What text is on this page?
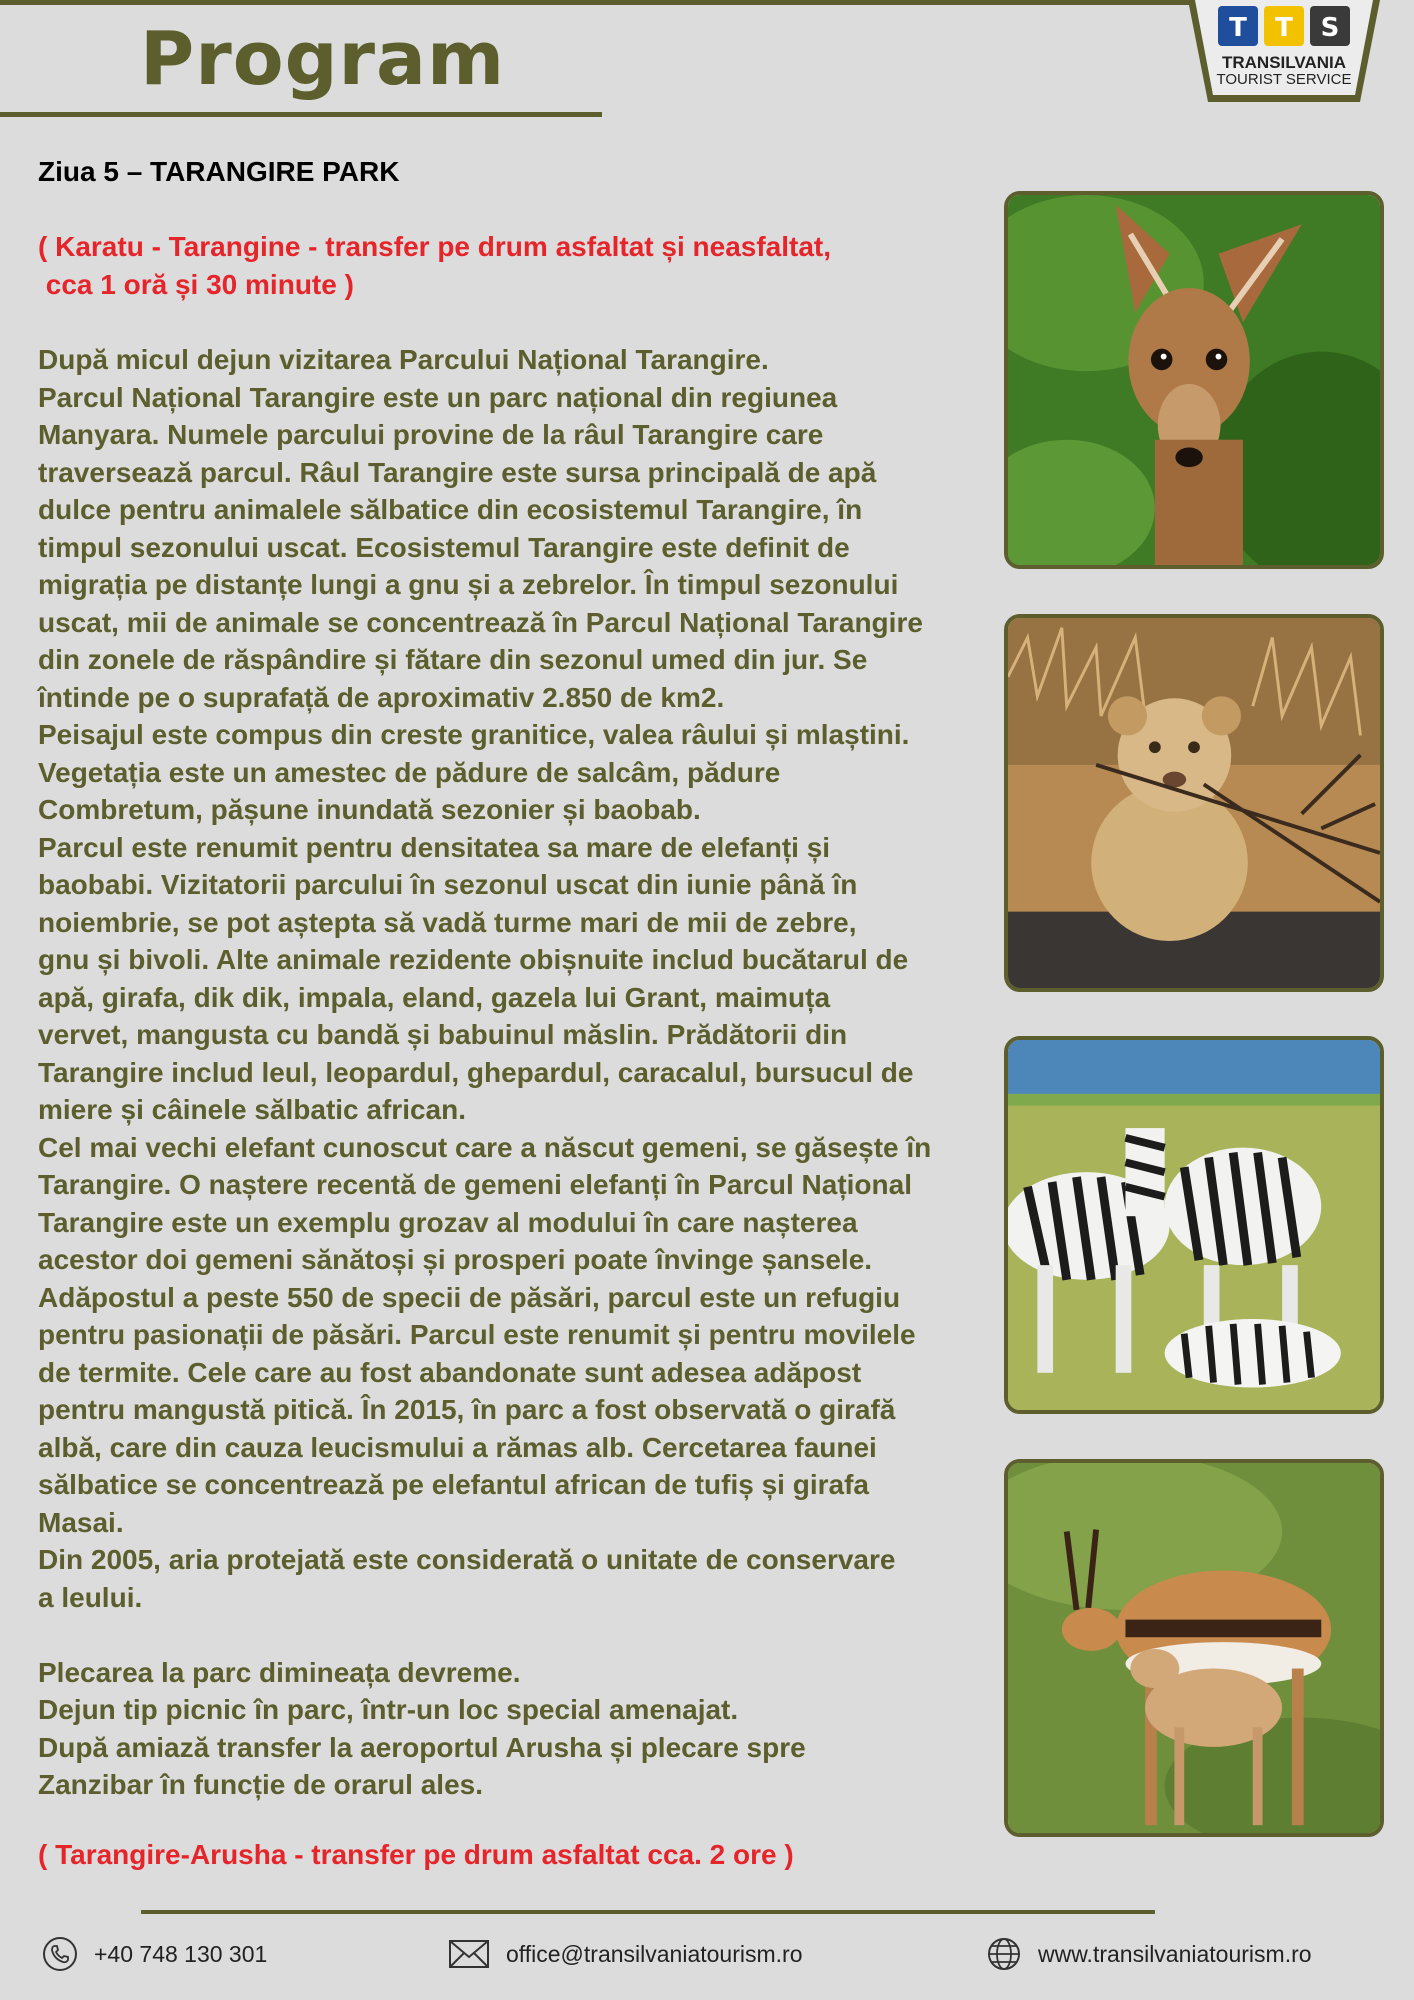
Program	T T S
TRANSILVANIA
TOURIST SERVICE
Ziua 5 – TARANGIRE PARK
( Karatu - Tarangine - transfer pe drum asfaltat și neasfaltat,
cca 1 oră și 30 minute )
După micul dejun vizitarea Parcului Național Tarangire.
Parcul Național Tarangire este un parc național din regiunea
Manyara. Numele parcului provine de la râul Tarangire care
traversează parcul. Râul Tarangire este sursa principală de apă
dulce pentru animalele sălbatice din ecosistemul Tarangire, în
timpul sezonului uscat. Ecosistemul Tarangire este definit de
migrația pe distanțe lungi a gnu și a zebrelor. În timpul sezonului
uscat, mii de animale se concentrează în Parcul Național Tarangire
din zonele de răspândire și fătare din sezonul umed din jur. Se
întinde pe o suprafață de aproximativ 2.850 de km2.
Peisajul este compus din creste granitice, valea râului și mlaștini.
Vegetația este un amestec de pădure de salcâm, pădure
Combretum, pășune inundată sezonier și baobab.
Parcul este renumit pentru densitatea sa mare de elefanți și
baobabi. Vizitatorii parcului în sezonul uscat din iunie până în
noiembrie, se pot aștepta să vadă turme mari de mii de zebre,
gnu și bivoli. Alte animale rezidente obișnuite includ bucătarul de
apă, girafa, dik dik, impala, eland, gazela lui Grant, maimuța
vervet, mangusta cu bandă și babuinul măslin. Prădătorii din
Tarangire includ leul, leopardul, ghepardul, caracalul, bursucul de
miere și câinele sălbatic african.
Cel mai vechi elefant cunoscut care a născut gemeni, se găsește în
Tarangire. O naștere recentă de gemeni elefanți în Parcul Național
Tarangire este un exemplu grozav al modului în care nașterea
acestor doi gemeni sănătoși și prosperi poate învinge șansele.
Adăpostul a peste 550 de specii de păsări, parcul este un refugiu
pentru pasionații de păsări. Parcul este renumit și pentru movilele
de termite. Cele care au fost abandonate sunt adesea adăpost
pentru mangustă pitică. În 2015, în parc a fost observată o girafă
albă, care din cauza leucismului a rămas alb. Cercetarea faunei
sălbatice se concentrează pe elefantul african de tufiș și girafa
Masai.
Din 2005, aria protejată este considerată o unitate de conservare
a leului.
Plecarea la parc dimineața devreme.
Dejun tip picnic în parc, într-un loc special amenajat.
După amiază transfer la aeroportul Arusha și plecare spre
Zanzibar în funcție de orarul ales.
( Tarangire-Arusha - transfer pe drum asfaltat cca. 2 ore )
+40 748 130 301	office@transilvaniatourism.ro	www.transilvaniatourism.ro
